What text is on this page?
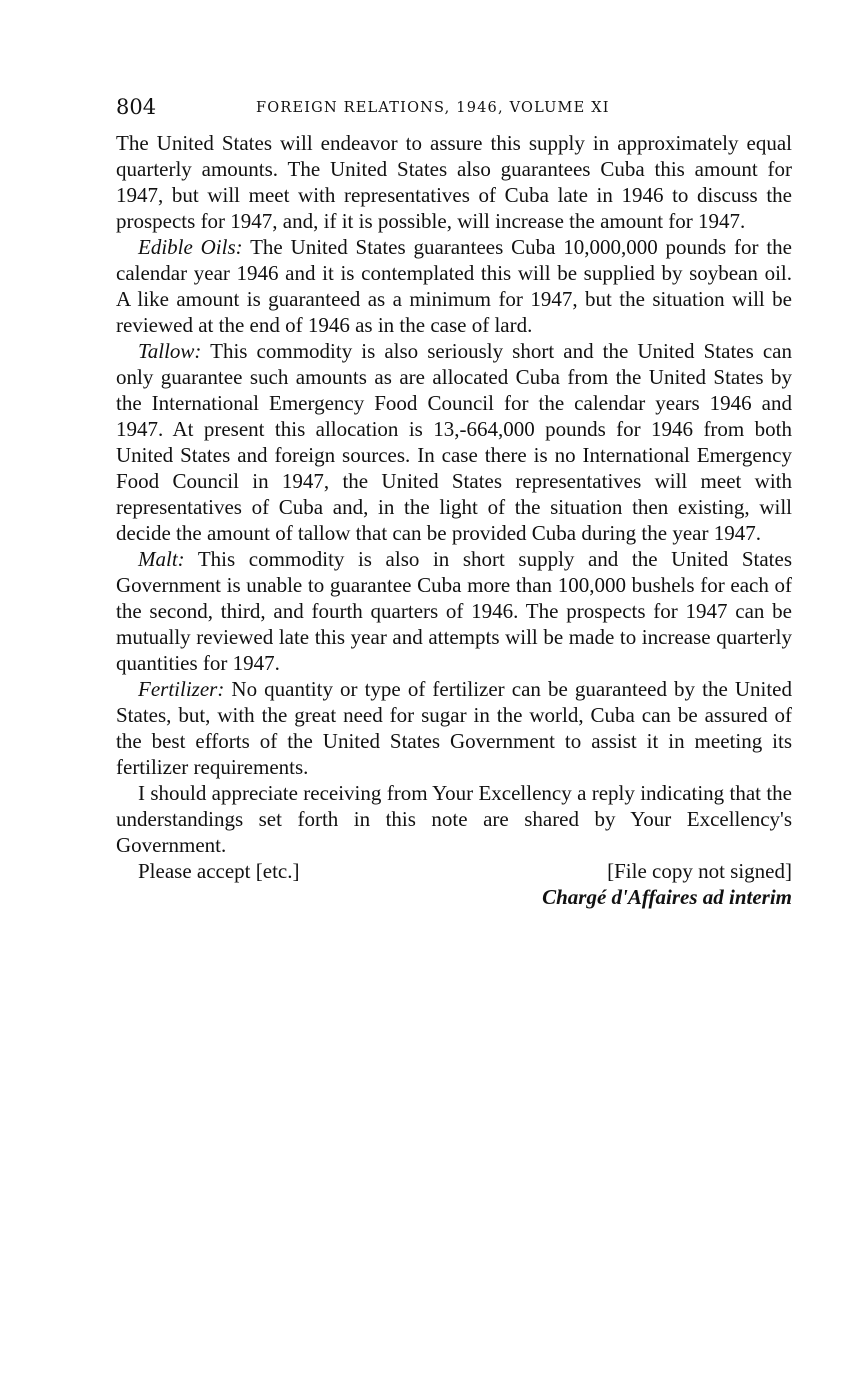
804	FOREIGN RELATIONS, 1946, VOLUME XI

The United States will endeavor to assure this supply in approximately equal quarterly amounts. The United States also guarantees Cuba this amount for 1947, but will meet with representatives of Cuba late in 1946 to discuss the prospects for 1947, and, if it is possible, will increase the amount for 1947.

Edible Oils: The United States guarantees Cuba 10,000,000 pounds for the calendar year 1946 and it is contemplated this will be supplied by soybean oil. A like amount is guaranteed as a minimum for 1947, but the situation will be reviewed at the end of 1946 as in the case of lard.

Tallow: This commodity is also seriously short and the United States can only guarantee such amounts as are allocated Cuba from the United States by the International Emergency Food Council for the calendar years 1946 and 1947. At present this allocation is 13,-664,000 pounds for 1946 from both United States and foreign sources. In case there is no International Emergency Food Council in 1947, the United States representatives will meet with representatives of Cuba and, in the light of the situation then existing, will decide the amount of tallow that can be provided Cuba during the year 1947.

Malt: This commodity is also in short supply and the United States Government is unable to guarantee Cuba more than 100,000 bushels for each of the second, third, and fourth quarters of 1946. The prospects for 1947 can be mutually reviewed late this year and attempts will be made to increase quarterly quantities for 1947.

Fertilizer: No quantity or type of fertilizer can be guaranteed by the United States, but, with the great need for sugar in the world, Cuba can be assured of the best efforts of the United States Government to assist it in meeting its fertilizer requirements.

I should appreciate receiving from Your Excellency a reply indicating that the understandings set forth in this note are shared by Your Excellency's Government.

Please accept [etc.]	[File copy not signed]
Chargé d'Affaires ad interim
